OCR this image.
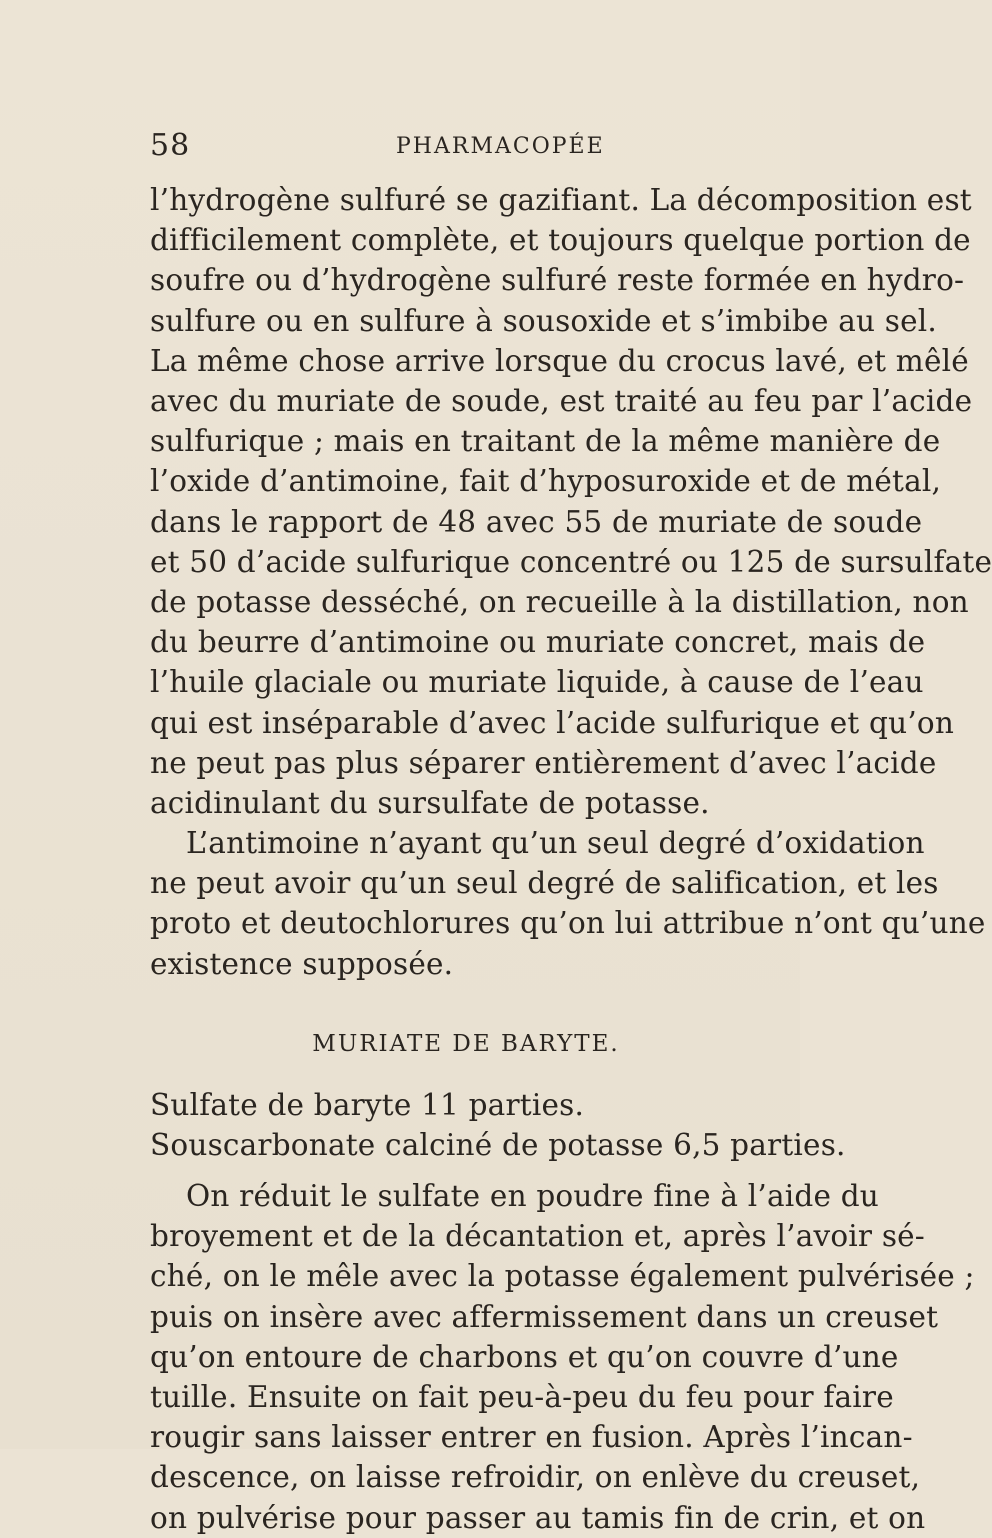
58	PHARMACOPÉE
l’hydrogène sulfuré se gazifiant. La décomposition est
difficilement complète, et toujours quelque portion de
soufre ou d’hydrogène sulfuré reste formée en hydro-
sulfure ou en sulfure à sousoxide et s’imbibe au sel.
La même chose arrive lorsque du crocus lavé, et mêlé
avec du muriate de soude, est traité au feu par l’acide
sulfurique ; mais en traitant de la même manière de
l’oxide d’antimoine, fait d’hyposuroxide et de métal,
dans le rapport de 48 avec 55 de muriate de soude
et 50 d’acide sulfurique concentré ou 125 de sursulfate
de potasse desséché, on recueille à la distillation, non
du beurre d’antimoine ou muriate concret, mais de
l’huile glaciale ou muriate liquide, à cause de l’eau
qui est inséparable d’avec l’acide sulfurique et qu’on
ne peut pas plus séparer entièrement d’avec l’acide
acidinulant du sursulfate de potasse.
L’antimoine n’ayant qu’un seul degré d’oxidation
ne peut avoir qu’un seul degré de salification, et les
proto et deutochlorures qu’on lui attribue n’ont qu’une
existence supposée.
MURIATE DE BARYTE.
Sulfate de baryte 11 parties.
Souscarbonate calciné de potasse 6,5 parties.
On réduit le sulfate en poudre fine à l’aide du
broyement et de la décantation et, après l’avoir sé-
ché, on le mêle avec la potasse également pulvérisée ;
puis on insère avec affermissement dans un creuset
qu’on entoure de charbons et qu’on couvre d’une
tuille. Ensuite on fait peu-à-peu du feu pour faire
rougir sans laisser entrer en fusion. Après l’incan-
descence, on laisse refroidir, on enlève du creuset,
on pulvérise pour passer au tamis fin de crin, et on
